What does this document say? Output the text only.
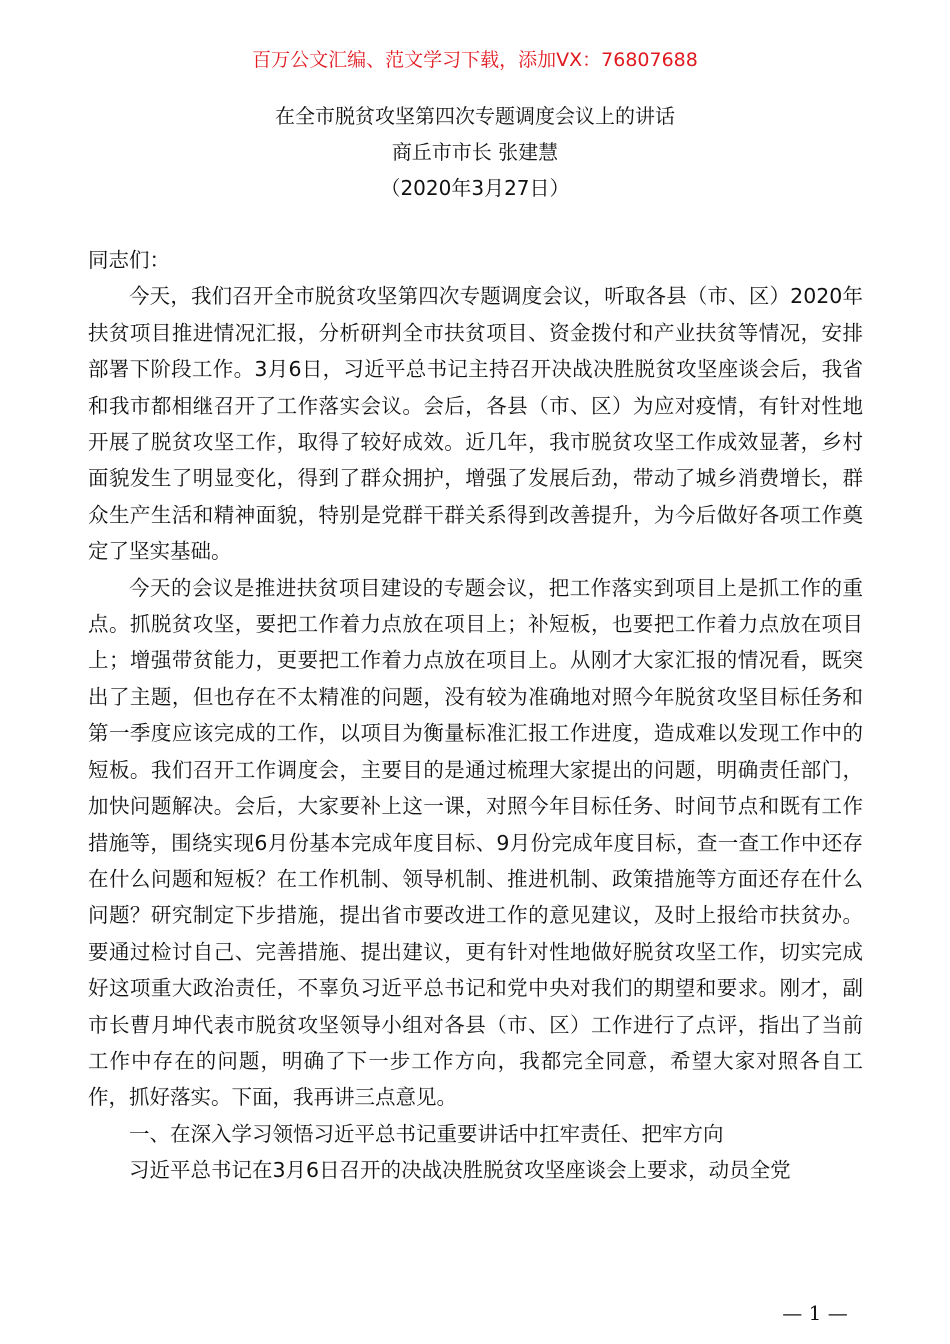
百万公文汇编、范文学习下载，添加VX：76807688
在全市脱贫攻坚第四次专题调度会议上的讲话
商丘市市长 张建慧
（2020年3月27日）

同志们：

今天，我们召开全市脱贫攻坚第四次专题调度会议，听取各县（市、区）2020年扶贫项目推进情况汇报，分析研判全市扶贫项目、资金拨付和产业扶贫等情况，安排部署下阶段工作。3月6日，习近平总书记主持召开决战决胜脱贫攻坚座谈会后，我省和我市都相继召开了工作落实会议。会后，各县（市、区）为应对疫情，有针对性地开展了脱贫攻坚工作，取得了较好成效。近几年，我市脱贫攻坚工作成效显著，乡村面貌发生了明显变化，得到了群众拥护，增强了发展后劲，带动了城乡消费增长，群众生产生活和精神面貌，特别是党群干群关系得到改善提升，为今后做好各项工作奠定了坚实基础。

今天的会议是推进扶贫项目建设的专题会议，把工作落实到项目上是抓工作的重点。抓脱贫攻坚，要把工作着力点放在项目上；补短板，也要把工作着力点放在项目上；增强带贫能力，更要把工作着力点放在项目上。从刚才大家汇报的情况看，既突出了主题，但也存在不太精准的问题，没有较为准确地对照今年脱贫攻坚目标任务和第一季度应该完成的工作，以项目为衡量标准汇报工作进度，造成难以发现工作中的短板。我们召开工作调度会，主要目的是通过梳理大家提出的问题，明确责任部门，加快问题解决。会后，大家要补上这一课，对照今年目标任务、时间节点和既有工作措施等，围绕实现6月份基本完成年度目标、9月份完成年度目标，查一查工作中还存在什么问题和短板？在工作机制、领导机制、推进机制、政策措施等方面还存在什么问题？研究制定下步措施，提出省市要改进工作的意见建议，及时上报给市扶贫办。要通过检讨自己、完善措施、提出建议，更有针对性地做好脱贫攻坚工作，切实完成好这项重大政治责任，不辜负习近平总书记和党中央对我们的期望和要求。刚才，副市长曹月坤代表市脱贫攻坚领导小组对各县（市、区）工作进行了点评，指出了当前工作中存在的问题，明确了下一步工作方向，我都完全同意，希望大家对照各自工作，抓好落实。下面，我再讲三点意见。

一、在深入学习领悟习近平总书记重要讲话中扛牢责任、把牢方向

习近平总书记在3月6日召开的决战决胜脱贫攻坚座谈会上要求，动员全党

— 1 —
